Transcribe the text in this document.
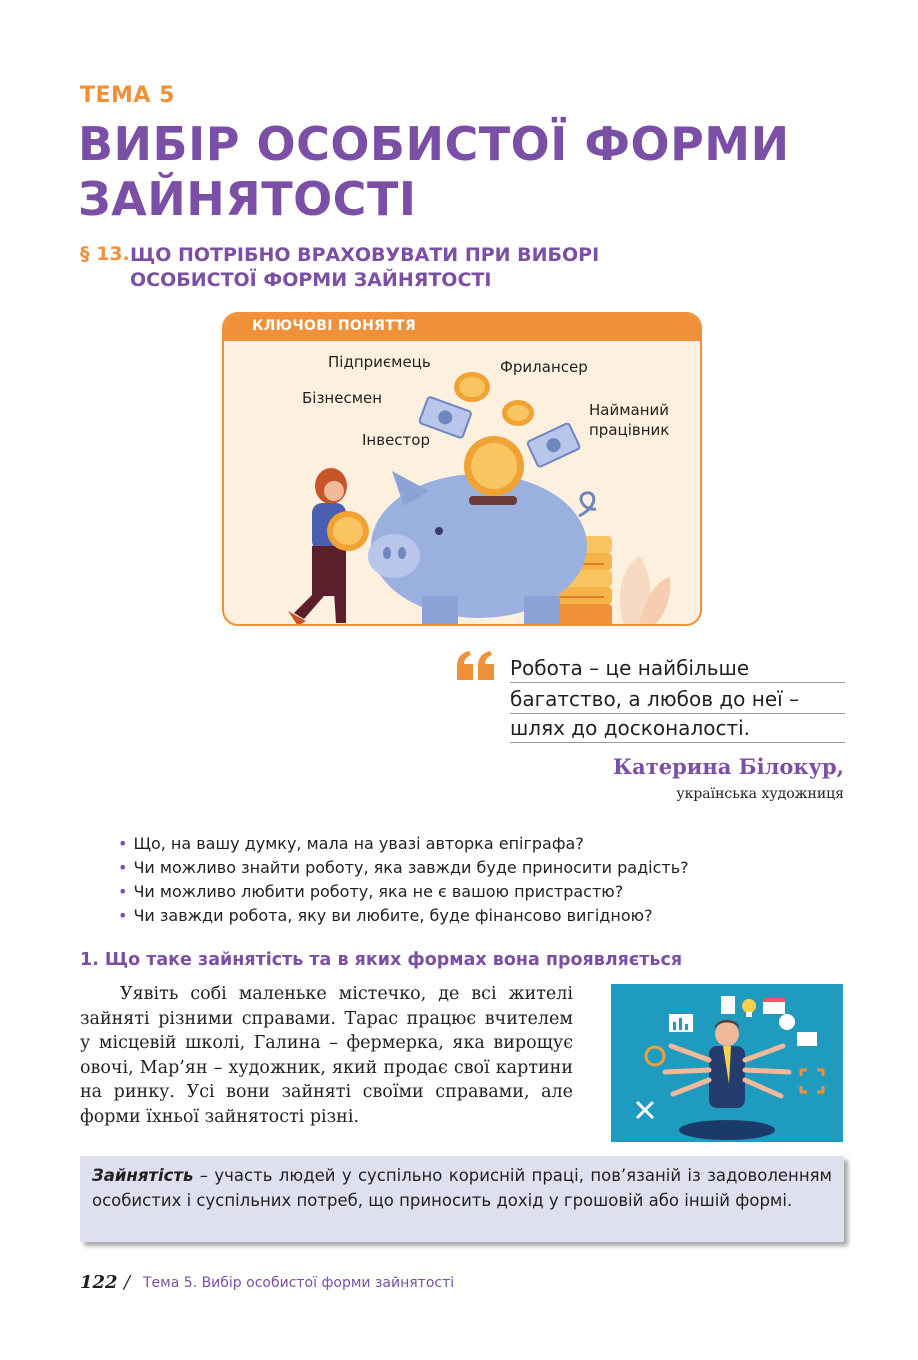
ТЕМА 5
ВИБІР ОСОБИСТОЇ ФОРМИ
ЗАЙНЯТОСТІ
§ 13. ЩО ПОТРІБНО ВРАХОВУВАТИ ПРИ ВИБОРІ
ОСОБИСТОЇ ФОРМИ ЗАЙНЯТОСТІ
КЛЮЧОВІ ПОНЯТТЯ
Підприємець	Фрилансер
Бізнесмен
Найманий
працівник
Інвестор
Робота – це найбільше
багатство, а любов до неї –
шлях до досконалості.
Катерина Білокур,
українська художниця
• Що, на вашу думку, мала на увазі авторка епіграфа?
• Чи можливо знайти роботу, яка завжди буде приносити радість?
• Чи можливо любити роботу, яка не є вашою пристрастю?
• Чи завжди робота, яку ви любите, буде фінансово вигідною?
1. Що таке зайнятість та в яких формах вона проявляється

Уявіть собі маленьке містечко, де всі жителі зайняті різними справами. Тарас працює вчителем у місцевій школі, Галина – фермерка, яка вирощує овочі, Мар’ян – художник, який продає свої картини на ринку. Усі вони зайняті своїми справами, але форми їхньої зайнятості різні.

Зайнятість – участь людей у суспільно корисній праці, пов’язаній із задоволенням особистих і суспільних потреб, що приносить дохід у грошовій або іншій формі.
122 / Тема 5. Вибір особистої форми зайнятості
